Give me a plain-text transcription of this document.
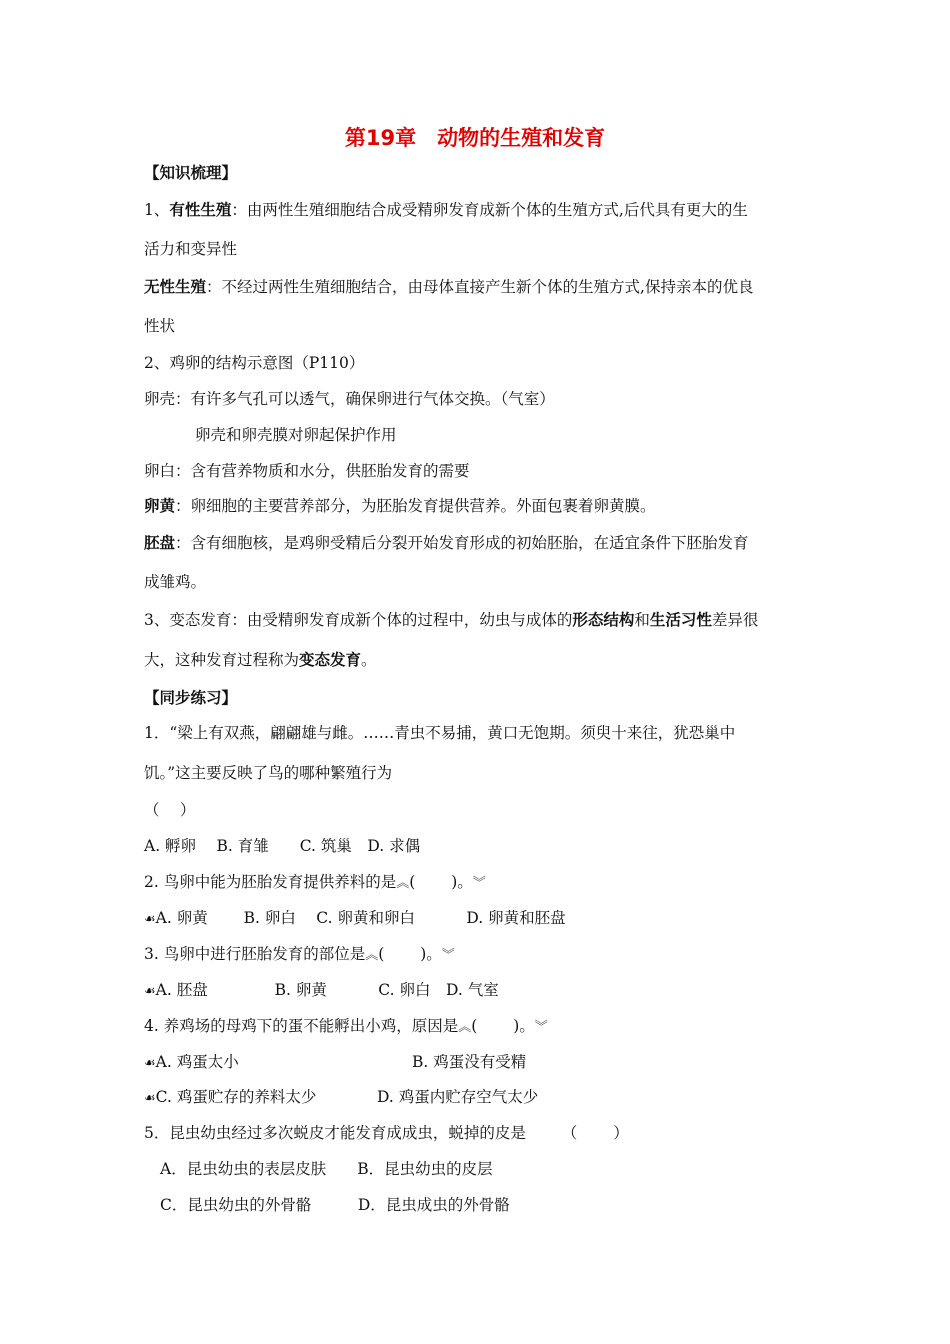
第19章　动物的生殖和发育
【知识梳理】
1、有性生殖：由两性生殖细胞结合成受精卵发育成新个体的生殖方式,后代具有更大的生
活力和变异性
无性生殖：不经过两性生殖细胞结合，由母体直接产生新个体的生殖方式,保持亲本的优良
性状
2、鸡卵的结构示意图（P110）
卵壳：有许多气孔可以透气，确保卵进行气体交换。（气室）
卵壳和卵壳膜对卵起保护作用
卵白：含有营养物质和水分，供胚胎发育的需要
卵黄：卵细胞的主要营养部分，为胚胎发育提供营养。外面包裹着卵黄膜。
胚盘：含有细胞核，是鸡卵受精后分裂开始发育形成的初始胚胎，在适宜条件下胚胎发育
成雏鸡。
3、变态发育：由受精卵发育成新个体的过程中，幼虫与成体的形态结构和生活习性差异很
大，这种发育过程称为变态发育。
【同步练习】
1．“梁上有双燕，翩翩雄与雌。……青虫不易捕，黄口无饱期。须臾十来往，犹恐巢中
饥。”这主要反映了鸟的哪种繁殖行为
（　 ）
A. 孵卵　 B. 育雏　　C. 筑巢　D. 求偶
2. 鸟卵中能为胚胎发育提供养料的是︽(　　 )。︾
☙A. 卵黄　　 B. 卵白　 C. 卵黄和卵白　　　 D. 卵黄和胚盘
3. 鸟卵中进行胚胎发育的部位是︽(　　 )。︾
☙A. 胚盘　　　　 B. 卵黄　　　 C. 卵白　D. 气室
4. 养鸡场的母鸡下的蛋不能孵出小鸡，原因是︽(　　 )。︾
☙A. 鸡蛋太小	B. 鸡蛋没有受精
☙C. 鸡蛋贮存的养料太少	D. 鸡蛋内贮存空气太少
5．昆虫幼虫经过多次蜕皮才能发育成成虫，蜕掉的皮是　　 （　　 ）
A．昆虫幼虫的表层皮肤　　B．昆虫幼虫的皮层
C．昆虫幼虫的外骨骼　　　D．昆虫成虫的外骨骼
